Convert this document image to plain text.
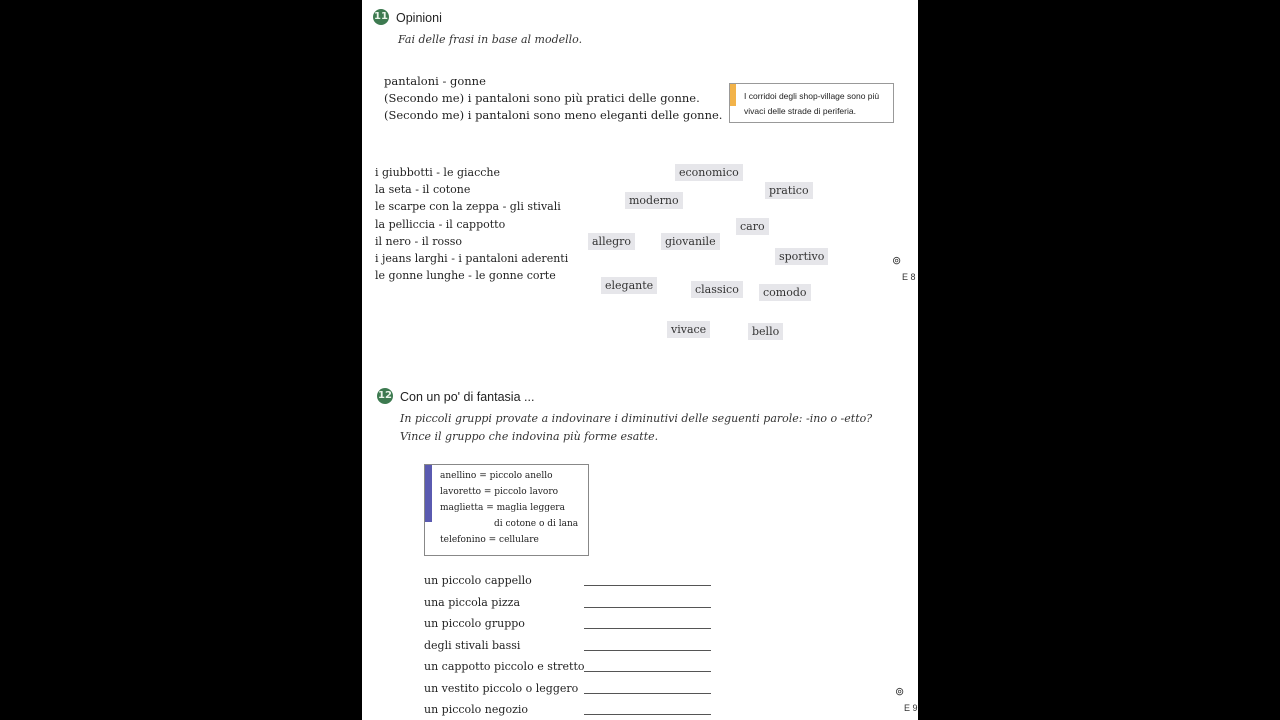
11 Opinioni
Fai delle frasi in base al modello.
pantaloni - gonne
(Secondo me) i pantaloni sono più pratici delle gonne.
(Secondo me) i pantaloni sono meno eleganti delle gonne.
I corridoi degli shop-village sono più vivaci delle strade di periferia.
i giubbotti - le giacche
la seta - il cotone
le scarpe con la zeppa - gli stivali
la pelliccia - il cappotto
il nero - il rosso
i jeans larghi - i pantaloni aderenti
le gonne lunghe - le gonne corte
economico
pratico
moderno
caro
allegro	giovanile
sportivo
elegante	classico	comodo
vivace	bello
⊚
E 8
12 Con un po' di fantasia ...
In piccoli gruppi provate a indovinare i diminutivi delle seguenti parole: -ino o -etto?
Vince il gruppo che indovina più forme esatte.
anellino = piccolo anello
lavoretto = piccolo lavoro
maglietta = maglia leggera
di cotone o di lana
telefonino = cellulare
un piccolo cappello
una piccola pizza
un piccolo gruppo
degli stivali bassi
un cappotto piccolo e stretto
un vestito piccolo o leggero
un piccolo negozio
⊚
E 9
